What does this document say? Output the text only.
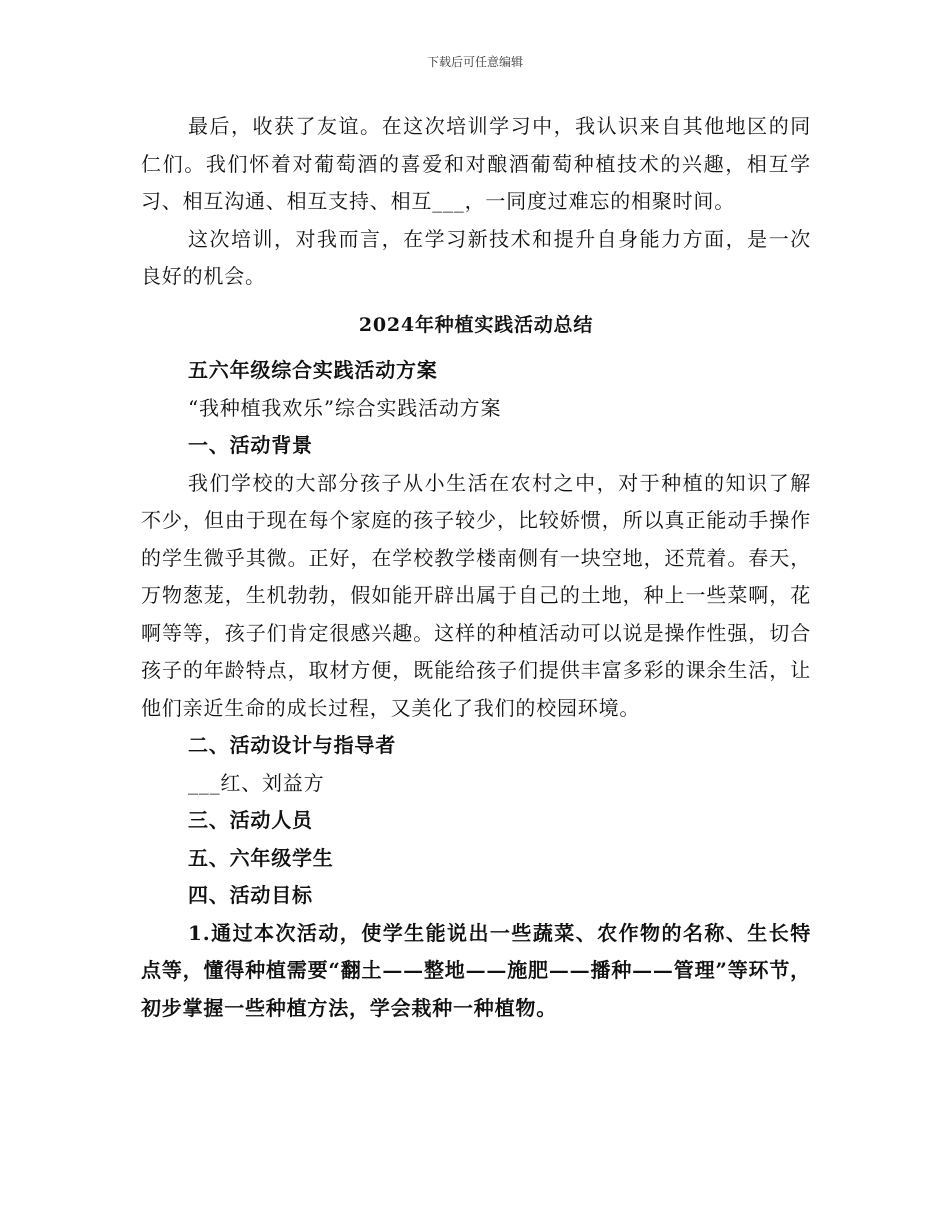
下载后可任意编辑

最后，收获了友谊。在这次培训学习中，我认识来自其他地区的同仁们。我们怀着对葡萄酒的喜爱和对酿酒葡萄种植技术的兴趣，相互学习、相互沟通、相互支持、相互___，一同度过难忘的相聚时间。

这次培训，对我而言，在学习新技术和提升自身能力方面，是一次良好的机会。

2024年种植实践活动总结

五六年级综合实践活动方案

“我种植我欢乐”综合实践活动方案

一、活动背景

我们学校的大部分孩子从小生活在农村之中，对于种植的知识了解不少，但由于现在每个家庭的孩子较少，比较娇惯，所以真正能动手操作的学生微乎其微。正好，在学校教学楼南侧有一块空地，还荒着。春天，万物葱茏，生机勃勃，假如能开辟出属于自己的土地，种上一些菜啊，花啊等等，孩子们肯定很感兴趣。这样的种植活动可以说是操作性强，切合孩子的年龄特点，取材方便，既能给孩子们提供丰富多彩的课余生活，让他们亲近生命的成长过程，又美化了我们的校园环境。

二、活动设计与指导者

___红、刘益方

三、活动人员

五、六年级学生

四、活动目标

1.通过本次活动，使学生能说出一些蔬菜、农作物的名称、生长特点等，懂得种植需要“翻土——整地——施肥——播种——管理”等环节，初步掌握一些种植方法，学会栽种一种植物。
